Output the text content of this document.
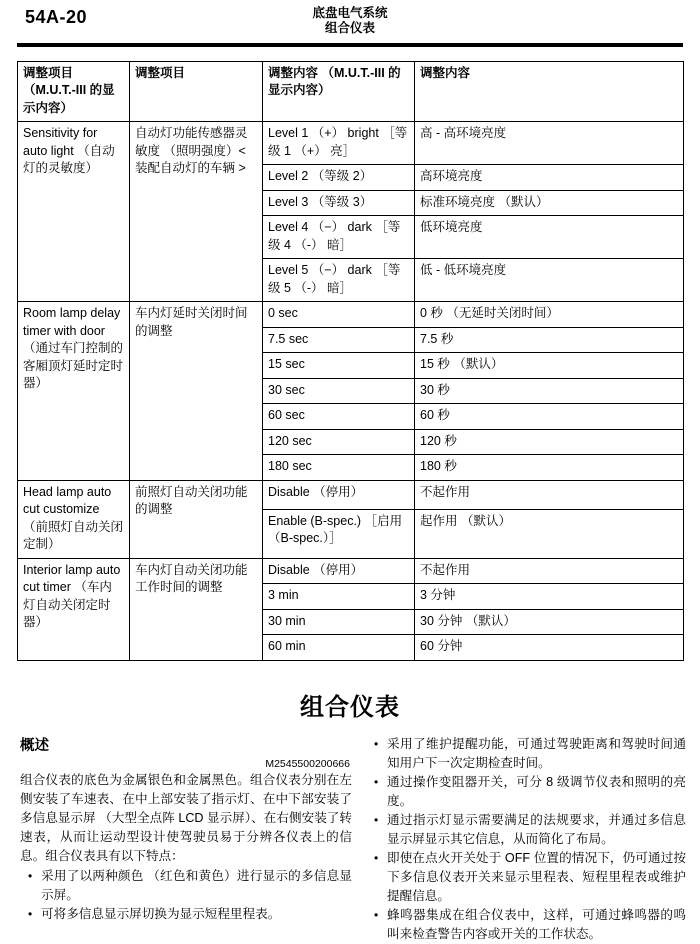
54A-20	底盘电气系统
组合仪表
调整项目 （M.U.T.-III 的显示内容）	调整项目	调整内容 （M.U.T.-III 的显示内容）	调整内容
Sensitivity for auto light （自动灯的灵敏度）	自动灯功能传感器灵敏度 （照明强度）< 装配自动灯的车辆 >	Level 1 （+） bright ［等级 1 （+） 亮］	高 - 高环境亮度
		Level 2 （等级 2）	高环境亮度
		Level 3 （等级 3）	标准环境亮度 （默认）
		Level 4 （−） dark ［等级 4 （-） 暗］	低环境亮度
		Level 5 （−） dark ［等级 5 （-） 暗］	低 - 低环境亮度
Room lamp delay timer with door （通过车门控制的客厢顶灯延时定时器）	车内灯延时关闭时间的调整	0 sec	0 秒 （无延时关闭时间）
		7.5 sec	7.5 秒
		15 sec	15 秒 （默认）
		30 sec	30 秒
		60 sec	60 秒
		120 sec	120 秒
		180 sec	180 秒
Head lamp auto cut customize （前照灯自动关闭定制）	前照灯自动关闭功能的调整	Disable （停用）	不起作用
		Enable (B-spec.) ［启用 （B-spec.）］	起作用 （默认）
Interior lamp auto cut timer （车内灯自动关闭定时器）	车内灯自动关闭功能工作时间的调整	Disable （停用）	不起作用
		3 min	3 分钟
		30 min	30 分钟 （默认）
		60 min	60 分钟
组合仪表
概述
M2545500200666

组合仪表的底色为金属银色和金属黑色。组合仪表分别在左侧安装了车速表、在中上部安装了指示灯、在中下部安装了多信息显示屏 （大型全点阵 LCD 显示屏）、在右侧安装了转速表，从而让运动型设计使驾驶员易于分辨各仪表上的信息。组合仪表具有以下特点：

• 采用了以两种颜色 （红色和黄色）进行显示的多信息显示屏。
• 可将多信息显示屏切换为显示短程里程表。
• 采用了维护提醒功能，可通过驾驶距离和驾驶时间通知用户下一次定期检查时间。
• 通过操作变阻器开关，可分 8 级调节仪表和照明的亮度。
• 通过指示灯显示需要满足的法规要求，并通过多信息显示屏显示其它信息，从而简化了布局。
• 即使在点火开关处于 OFF 位置的情况下，仍可通过按下多信息仪表开关来显示里程表、短程里程表或维护提醒信息。
• 蜂鸣器集成在组合仪表中，这样，可通过蜂鸣器的鸣叫来检查警告内容或开关的工作状态。
